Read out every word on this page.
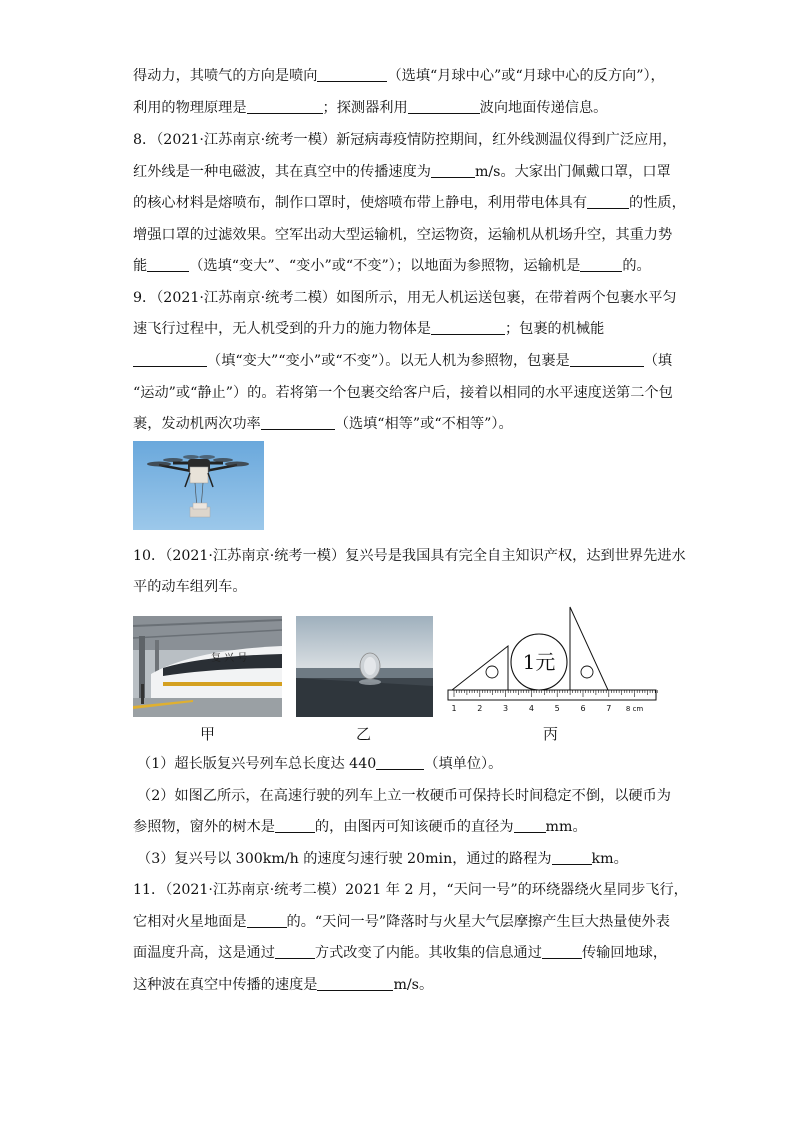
得动力，其喷气的方向是喷向	（选填“月球中心”或“月球中心的反方向”），
利用的物理原理是	；探测器利用	波向地面传递信息。
8．（2021·江苏南京·统考一模）新冠病毒疫情防控期间，红外线测温仪得到广泛应用，
红外线是一种电磁波，其在真空中的传播速度为	m/s。大家出门佩戴口罩，口罩
的核心材料是熔喷布，制作口罩时，使熔喷布带上静电，利用带电体具有	的性质，
增强口罩的过滤效果。空军出动大型运输机，空运物资，运输机从机场升空，其重力势
能	（选填“变大”、“变小”或“不变”）；以地面为参照物，运输机是	的。
9．（2021·江苏南京·统考二模）如图所示，用无人机运送包裹，在带着两个包裹水平匀
速飞行过程中，无人机受到的升力的施力物体是	；包裹的机械能
（填“变大”“变小”或“不变”）。以无人机为参照物，包裹是	（填
“运动”或“静止”）的。若将第一个包裹交给客户后，接着以相同的水平速度送第二个包
裹，发动机两次功率	（选填“相等”或“不相等”）。
10．（2021·江苏南京·统考一模）复兴号是我国具有完全自主知识产权，达到世界先进水
平的动车组列车。
复 兴 号	1元
1	2	3	4	5	6	7 8 cm
甲	乙	丙
（1）超长版复兴号列车总长度达 440	（填单位）。
（2）如图乙所示，在高速行驶的列车上立一枚硬币可保持长时间稳定不倒，以硬币为
参照物，窗外的树木是	的，由图丙可知该硬币的直径为 mm。
（3）复兴号以 300km/h 的速度匀速行驶 20min，通过的路程为	km。
11．（2021·江苏南京·统考二模）2021 年 2 月，“天问一号”的环绕器绕火星同步飞行，
它相对火星地面是	的。“天问一号”降落时与火星大气层摩擦产生巨大热量使外表
面温度升高，这是通过	方式改变了内能。其收集的信息通过	传输回地球，
这种波在真空中传播的速度是	m/s。
